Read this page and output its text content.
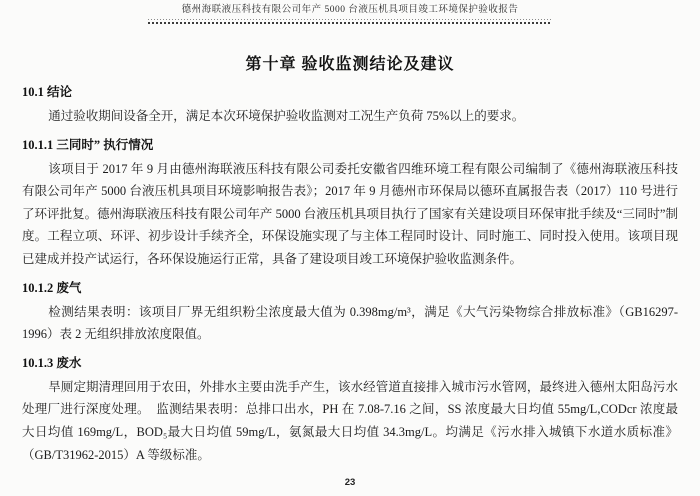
德州海联液压科技有限公司年产 5000 台液压机具项目竣工环境保护验收报告
第十章 验收监测结论及建议
10.1 结论

通过验收期间设备全开，满足本次环境保护验收监测对工况生产负荷 75%以上的要求。

10.1.1 三同时” 执行情况

该项目于 2017 年 9 月由德州海联液压科技有限公司委托安徽省四维环境工程有限公司编制了《德州海联液压科技有限公司年产 5000 台液压机具项目环境影响报告表》；2017 年 9 月德州市环保局以德环直属报告表（2017）110 号进行了环评批复。德州海联液压科技有限公司年产 5000 台液压机具项目执行了国家有关建设项目环保审批手续及“三同时”制度。工程立项、环评、初步设计手续齐全，环保设施实现了与主体工程同时设计、同时施工、同时投入使用。该项目现已建成并投产试运行，各环保设施运行正常，具备了建设项目竣工环境保护验收监测条件。

10.1.2 废气

检测结果表明：该项目厂界无组织粉尘浓度最大值为 0.398mg/m³，满足《大气污染物综合排放标准》（GB16297-1996）表 2 无组织排放浓度限值。

10.1.3 废水

旱厕定期清理回用于农田，外排水主要由洗手产生，该水经管道直接排入城市污水管网，最终进入德州太阳岛污水处理厂进行深度处理。　监测结果表明：总排口出水，PH 在 7.08-7.16 之间，SS 浓度最大日均值 55mg/L,CODcr 浓度最大日均值 169mg/L，BOD₅最大日均值 59mg/L，氨氮最大日均值 34.3mg/L。均满足《污水排入城镇下水道水质标准》（GB/T31962-2015）A 等级标准。

23
